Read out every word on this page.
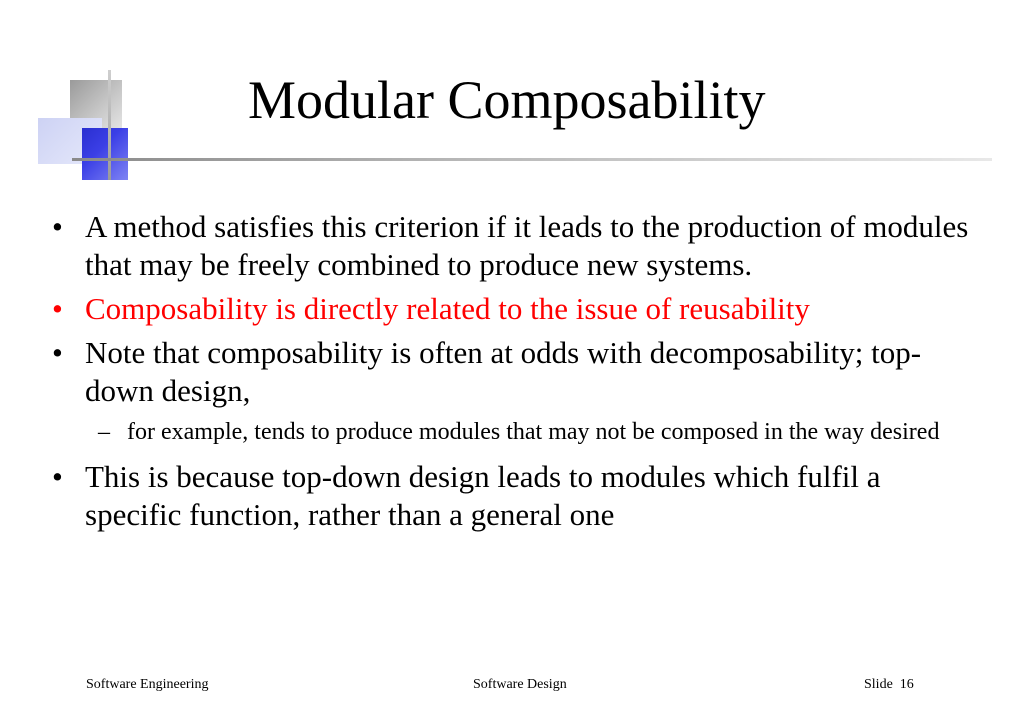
Modular Composability
• A method satisfies this criterion if it leads to the production of modules that may be freely combined to produce new systems.
• Composability is directly related to the issue of reusability
• Note that composability is often at odds with decomposability; top-down design,
– for example, tends to produce modules that may not be composed in the way desired
• This is because top-down design leads to modules which fulfil a specific function, rather than a general one
Software Engineering	Software Design	Slide 16
